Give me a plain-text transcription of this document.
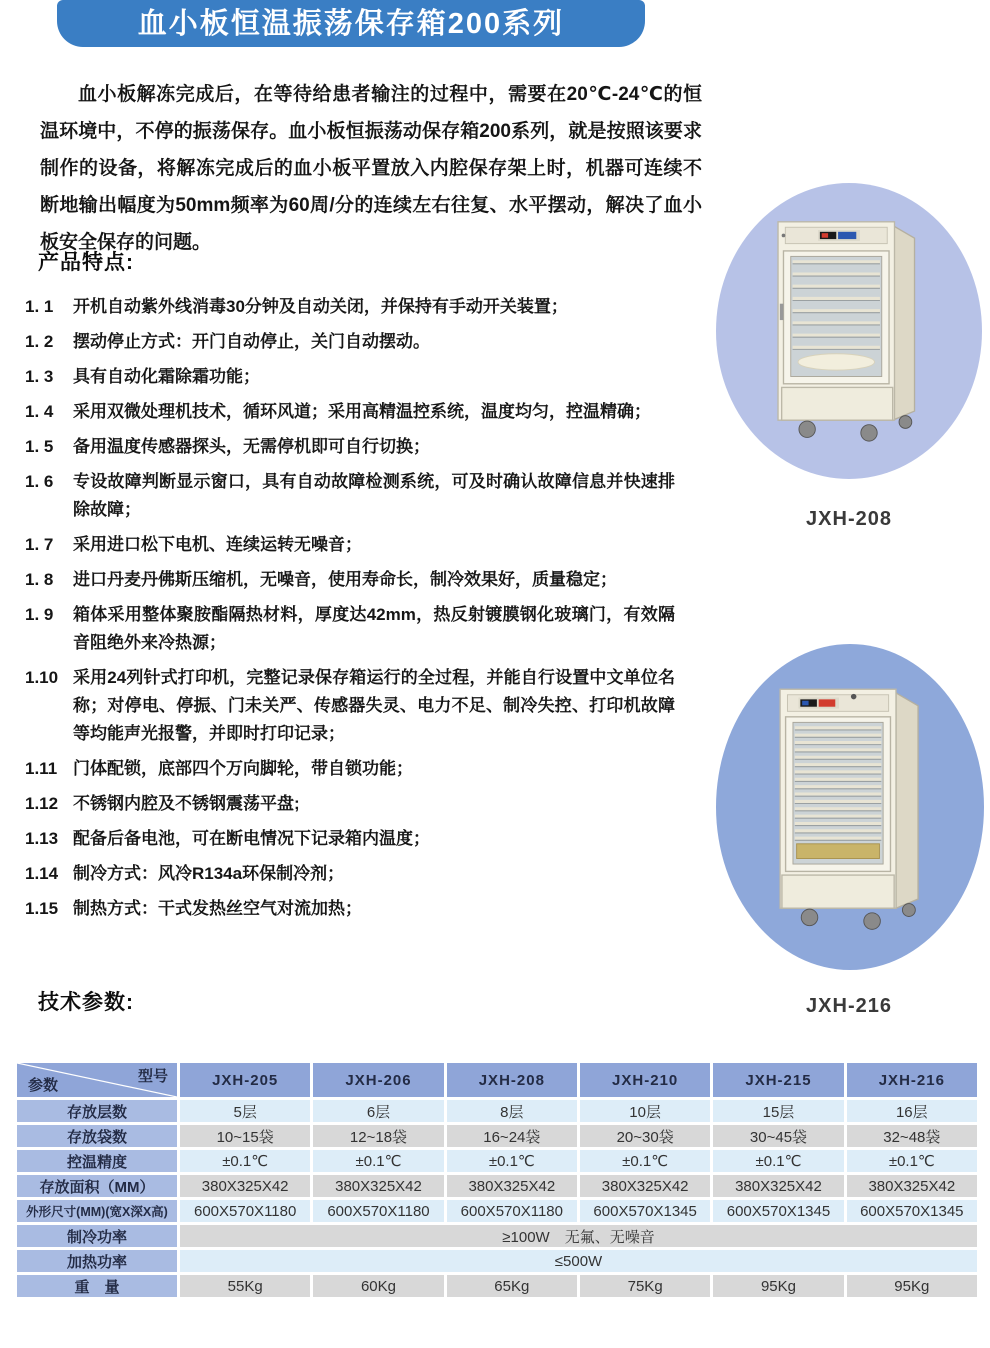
血小板恒温振荡保存箱200系列

血小板解冻完成后，在等待给患者输注的过程中，需要在20℃-24℃的恒温环境中，不停的振荡保存。血小板恒振荡动保存箱200系列，就是按照该要求制作的设备，将解冻完成后的血小板平置放入内腔保存架上时，机器可连续不断地输出幅度为50mm频率为60周/分的连续左右往复、水平摆动，解决了血小板安全保存的问题。

产品特点:
1. 1	开机自动紫外线消毒30分钟及自动关闭，并保持有手动开关装置；
1. 2	摆动停止方式：开门自动停止，关门自动摆动。
1. 3	具有自动化霜除霜功能；
1. 4	采用双微处理机技术，循环风道；采用高精温控系统，温度均匀，控温精确；
1. 5	备用温度传感器探头，无需停机即可自行切换；
1. 6	专设故障判断显示窗口，具有自动故障检测系统，可及时确认故障信息并快速排除故障；
1. 7	采用进口松下电机、连续运转无噪音；
1. 8	进口丹麦丹佛斯压缩机，无噪音，使用寿命长，制冷效果好，质量稳定；
1. 9	箱体采用整体聚胺酯隔热材料，厚度达42mm，热反射镀膜钢化玻璃门，有效隔音阻绝外来冷热源；
1.10 采用24列针式打印机，完整记录保存箱运行的全过程，并能自行设置中文单位名称；对停电、停振、门未关严、传感器失灵、电力不足、制冷失控、打印机故障等均能声光报警，并即时打印记录；
1.11 门体配锁，底部四个万向脚轮，带自锁功能；
1.12 不锈钢内腔及不锈钢震荡平盘;
1.13 配备后备电池，可在断电情况下记录箱内温度；
1.14 制冷方式：风冷R134a环保制冷剂；
1.15 制热方式：干式发热丝空气对流加热；
JXH-208
JXH-216
技术参数:
型号
参数	JXH-205	JXH-206	JXH-208	JXH-210	JXH-215	JXH-216
存放层数	5层	6层	8层	10层	15层	16层
存放袋数	10~15袋	12~18袋	16~24袋	20~30袋	30~45袋	32~48袋
控温精度	±0.1℃	±0.1℃	±0.1℃	±0.1℃	±0.1℃	±0.1℃
存放面积（MM）	380X325X42	380X325X42	380X325X42	380X325X42	380X325X42	380X325X42
外形尺寸(MM)(宽X深X高)	600X570X1180	600X570X1180	600X570X1180	600X570X1345	600X570X1345	600X570X1345
制冷功率	≥100W　无氟、无噪音					
加热功率	≤500W					
重　量	55Kg	60Kg	65Kg	75Kg	95Kg	95Kg
